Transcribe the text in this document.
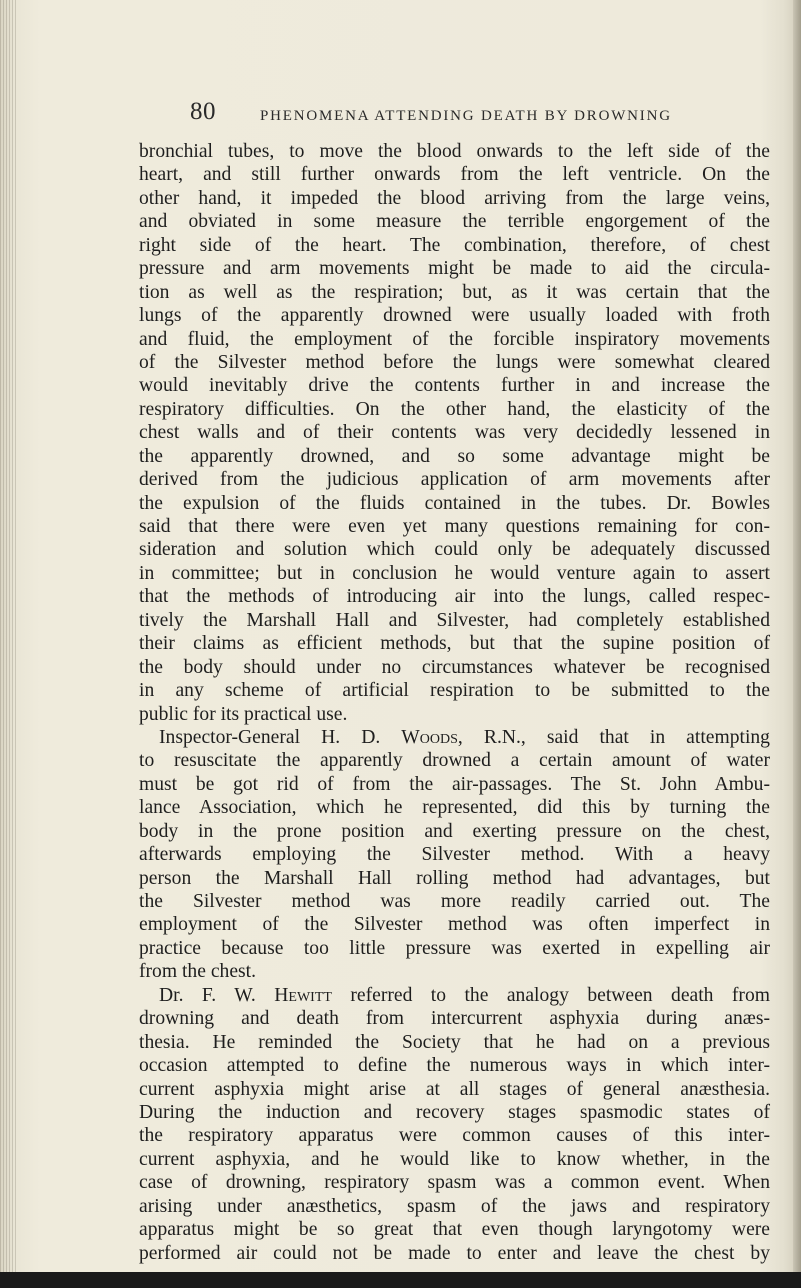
80	PHENOMENA ATTENDING DEATH BY DROWNING
bronchial tubes, to move the blood onwards to the left side of the
heart, and still further onwards from the left ventricle. On the
other hand, it impeded the blood arriving from the large veins,
and obviated in some measure the terrible engorgement of the
right side of the heart. The combination, therefore, of chest
pressure and arm movements might be made to aid the circula-
tion as well as the respiration; but, as it was certain that the
lungs of the apparently drowned were usually loaded with froth
and fluid, the employment of the forcible inspiratory movements
of the Silvester method before the lungs were somewhat cleared
would inevitably drive the contents further in and increase the
respiratory difficulties. On the other hand, the elasticity of the
chest walls and of their contents was very decidedly lessened in
the apparently drowned, and so some advantage might be
derived from the judicious application of arm movements after
the expulsion of the fluids contained in the tubes. Dr. Bowles
said that there were even yet many questions remaining for con-
sideration and solution which could only be adequately discussed
in committee; but in conclusion he would venture again to assert
that the methods of introducing air into the lungs, called respec-
tively the Marshall Hall and Silvester, had completely established
their claims as efficient methods, but that the supine position of
the body should under no circumstances whatever be recognised
in any scheme of artificial respiration to be submitted to the
public for its practical use.
Inspector-General H. D. Woods, R.N., said that in attempting
to resuscitate the apparently drowned a certain amount of water
must be got rid of from the air-passages. The St. John Ambu-
lance Association, which he represented, did this by turning the
body in the prone position and exerting pressure on the chest,
afterwards employing the Silvester method. With a heavy
person the Marshall Hall rolling method had advantages, but
the Silvester method was more readily carried out. The
employment of the Silvester method was often imperfect in
practice because too little pressure was exerted in expelling air
from the chest.
Dr. F. W. Hewitt referred to the analogy between death from
drowning and death from intercurrent asphyxia during anæs-
thesia. He reminded the Society that he had on a previous
occasion attempted to define the numerous ways in which inter-
current asphyxia might arise at all stages of general anæsthesia.
During the induction and recovery stages spasmodic states of
the respiratory apparatus were common causes of this inter-
current asphyxia, and he would like to know whether, in the
case of drowning, respiratory spasm was a common event. When
arising under anæsthetics, spasm of the jaws and respiratory
apparatus might be so great that even though laryngotomy were
performed air could not be made to enter and leave the chest by
